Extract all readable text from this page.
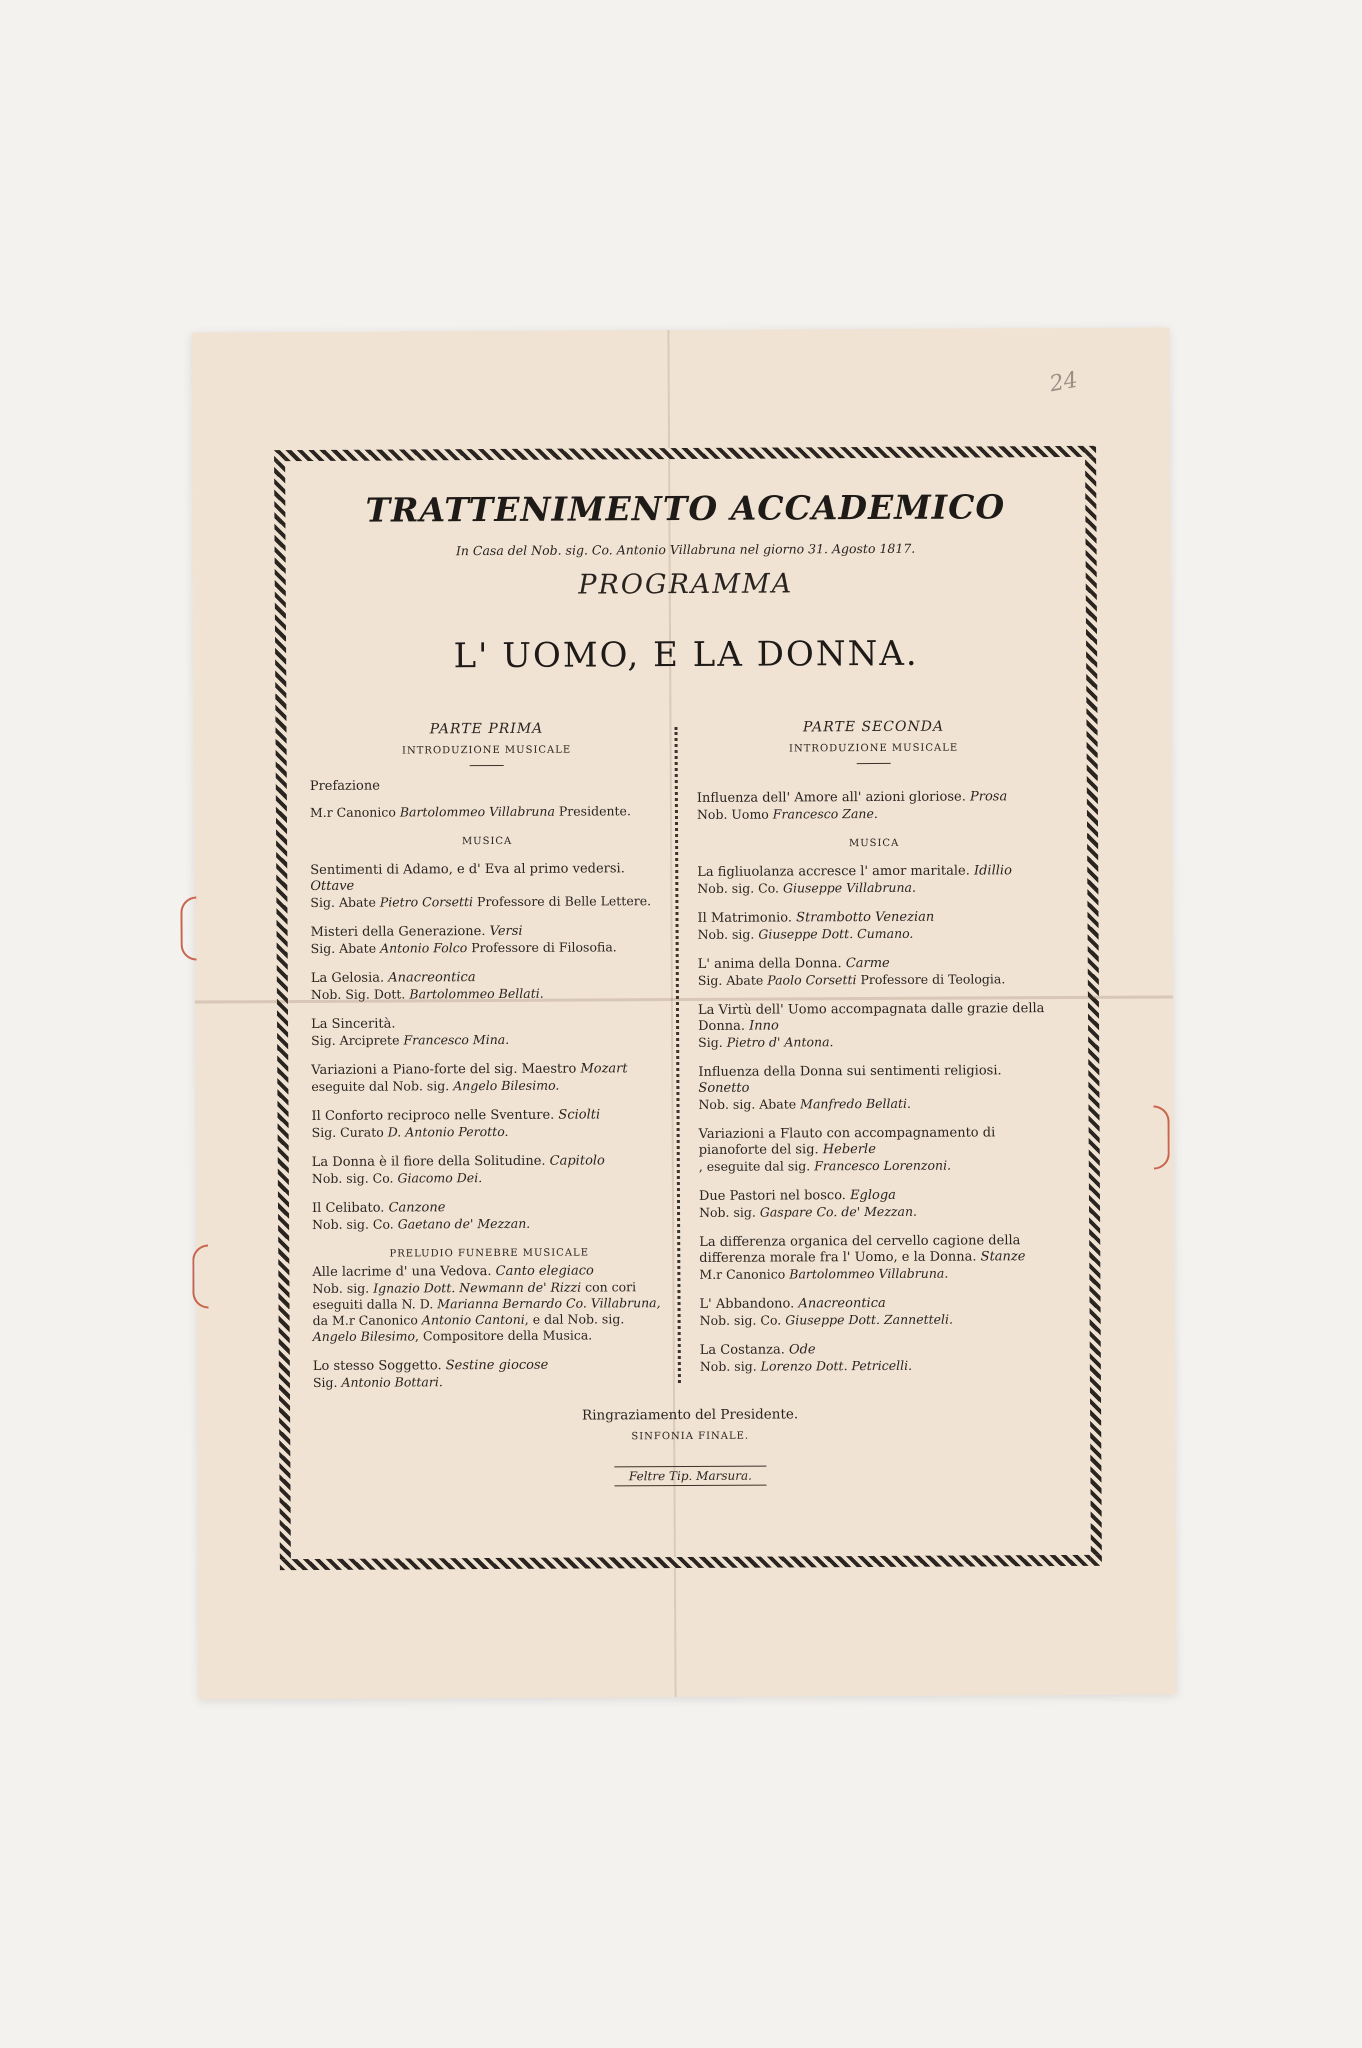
24
TRATTENIMENTO ACCADEMICO
In Casa del Nob. sig. Co. Antonio Villabruna nel giorno 31. Agosto 1817.
PROGRAMMA
L' UOMO, E LA DONNA.
PARTE PRIMA
INTRODUZIONE MUSICALE
Prefazione
M.r Canonico Bartolommeo Villabruna Presidente.
MUSICA
Sentimenti di Adamo, e d' Eva al primo vedersi. Ottave
Sig. Abate Pietro Corsetti Professore di Belle Lettere.
Misteri della Generazione. Versi
Sig. Abate Antonio Folco Professore di Filosofia.
La Gelosia. Anacreontica
Nob. Sig. Dott. Bartolommeo Bellati.
La Sincerità.
Sig. Arciprete Francesco Mina.
Variazioni a Piano-forte del sig. Maestro Mozart
eseguite dal Nob. sig. Angelo Bilesimo.
Il Conforto reciproco nelle Sventure. Sciolti
Sig. Curato D. Antonio Perotto.
La Donna è il fiore della Solitudine. Capitolo
Nob. sig. Co. Giacomo Dei.
Il Celibato. Canzone
Nob. sig. Co. Gaetano de' Mezzan.
PRELUDIO FUNEBRE MUSICALE
Alle lacrime d' una Vedova. Canto elegiaco
Nob. sig. Ignazio Dott. Newmann de' Rizzi con cori eseguiti dalla N. D. Marianna Bernardo Co. Villabruna, da M.r Canonico Antonio Cantoni, e dal Nob. sig. Angelo Bilesimo, Compositore della Musica.
Lo stesso Soggetto. Sestine giocose
Sig. Antonio Bottari.
PARTE SECONDA
INTRODUZIONE MUSICALE
Influenza dell' Amore all' azioni gloriose. Prosa
Nob. Uomo Francesco Zane.
MUSICA
La figliuolanza accresce l' amor maritale. Idillio
Nob. sig. Co. Giuseppe Villabruna.
Il Matrimonio. Strambotto Venezian
Nob. sig. Giuseppe Dott. Cumano.
L' anima della Donna. Carme
Sig. Abate Paolo Corsetti Professore di Teologia.
La Virtù dell' Uomo accompagnata dalle grazie della Donna. Inno
Sig. Pietro d' Antona.
Influenza della Donna sui sentimenti religiosi. Sonetto
Nob. sig. Abate Manfredo Bellati.
Variazioni a Flauto con accompagnamento di pianoforte del sig. Heberle
, eseguite dal sig. Francesco Lorenzoni.
Due Pastori nel bosco. Egloga
Nob. sig. Gaspare Co. de' Mezzan.
La differenza organica del cervello cagione della differenza morale fra l' Uomo, e la Donna. Stanze
M.r Canonico Bartolommeo Villabruna.
L' Abbandono. Anacreontica
Nob. sig. Co. Giuseppe Dott. Zannetteli.
La Costanza. Ode
Nob. sig. Lorenzo Dott. Petricelli.
Ringraziamento del Presidente.
SINFONIA FINALE.
Feltre Tip. Marsura.
